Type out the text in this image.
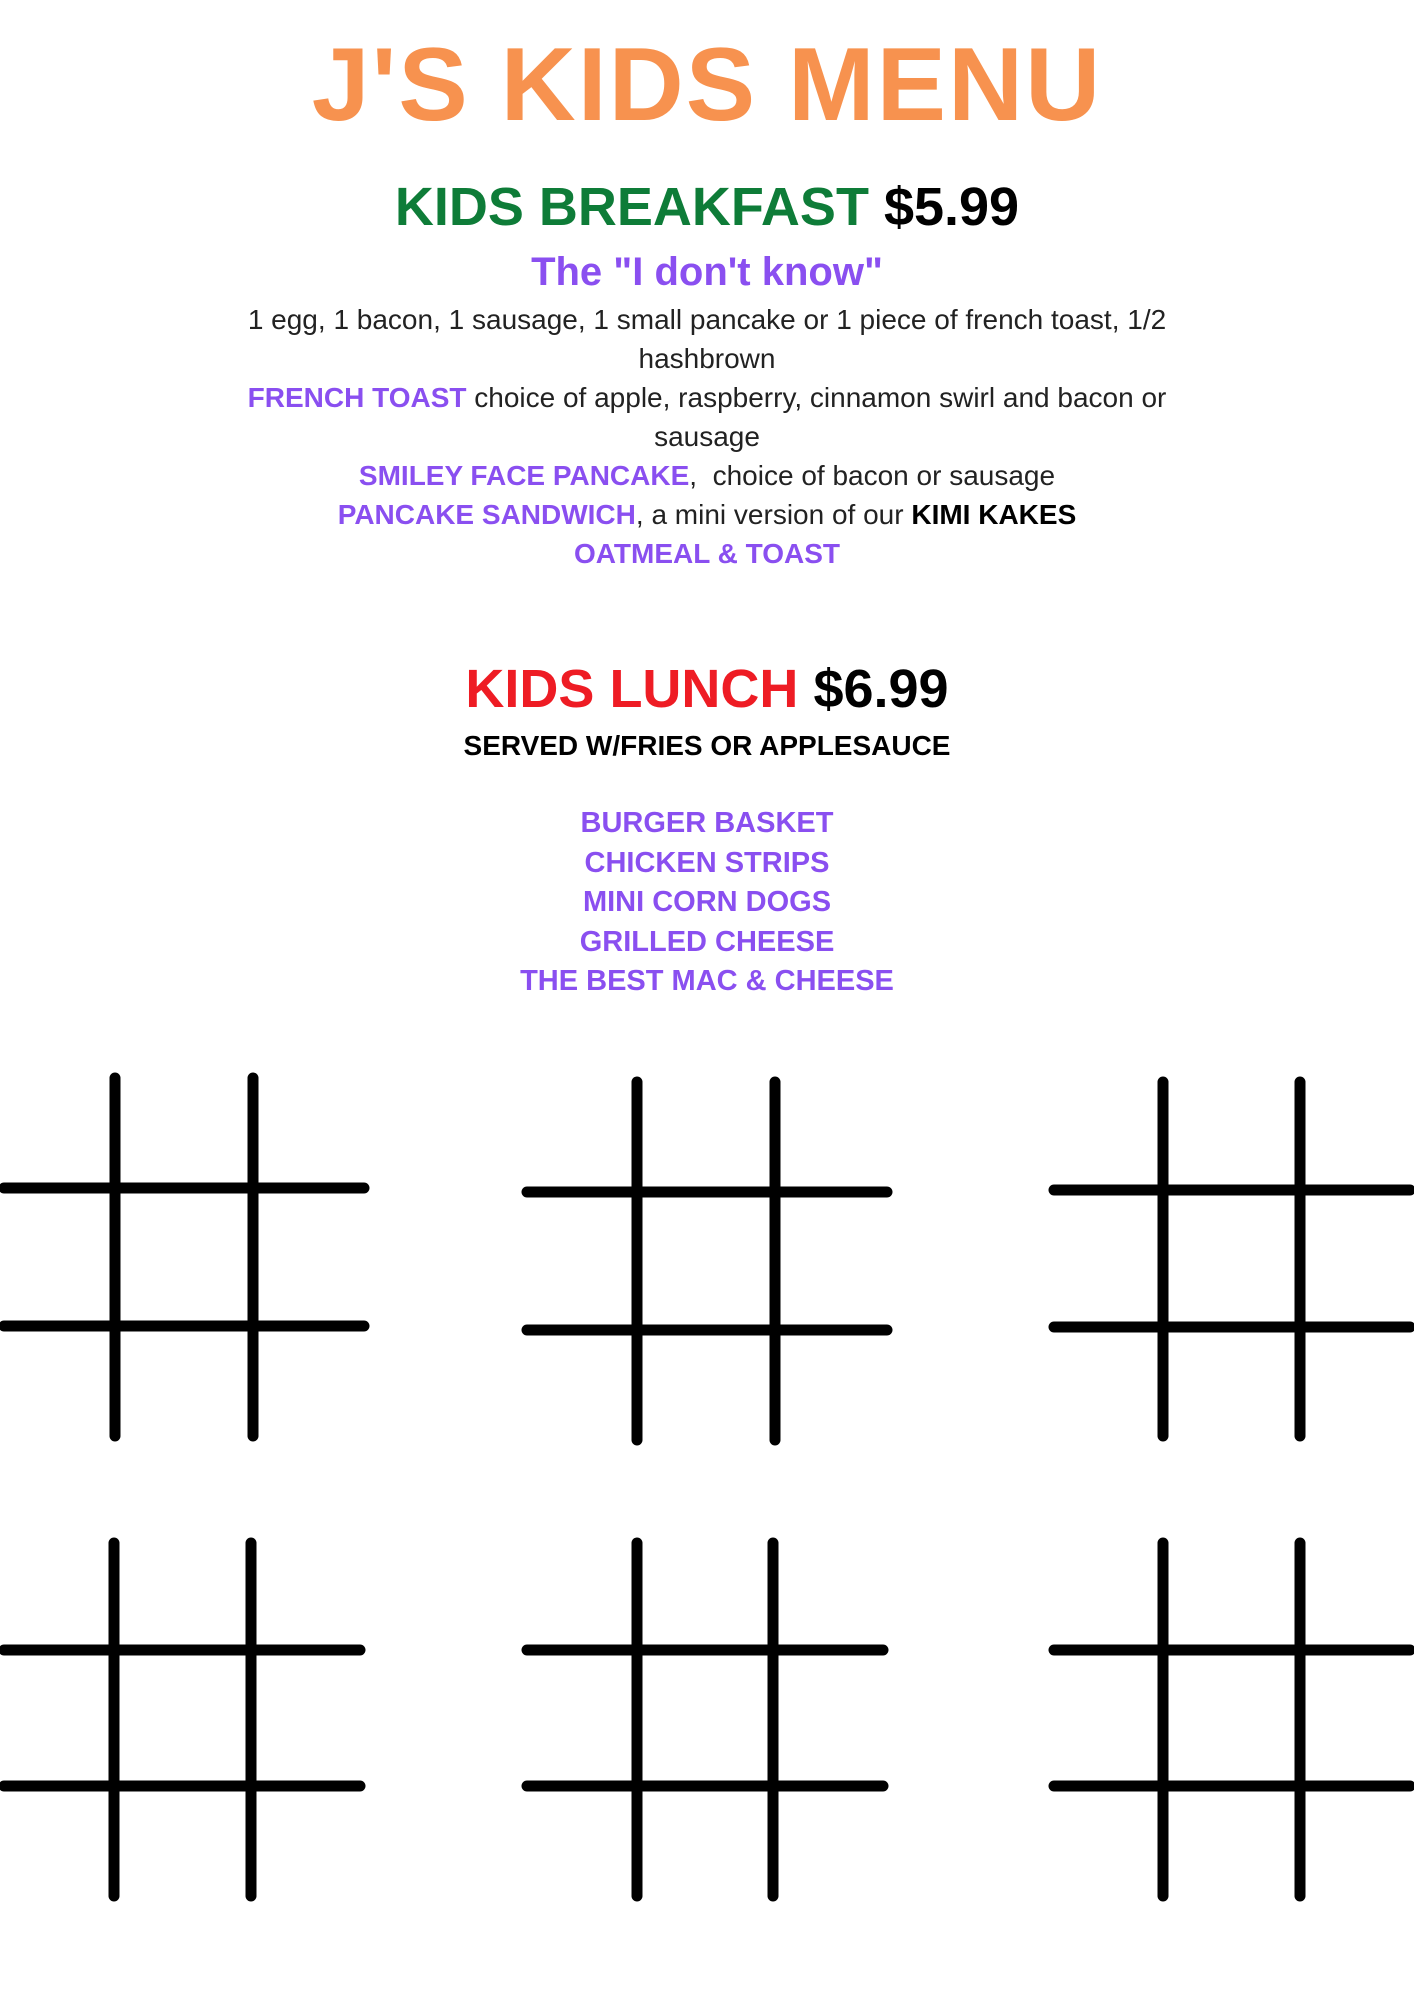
J'S KIDS MENU
KIDS BREAKFAST $5.99
The "I don't know"
1 egg, 1 bacon, 1 sausage, 1 small pancake or 1 piece of french toast, 1/2 hashbrown
FRENCH TOAST choice of apple, raspberry, cinnamon swirl and bacon or sausage
SMILEY FACE PANCAKE,  choice of bacon or sausage
PANCAKE SANDWICH, a mini version of our KIMI KAKES
OATMEAL & TOAST
KIDS LUNCH $6.99
SERVED W/FRIES OR APPLESAUCE
BURGER BASKET
CHICKEN STRIPS
MINI CORN DOGS
GRILLED CHEESE
THE BEST MAC & CHEESE
